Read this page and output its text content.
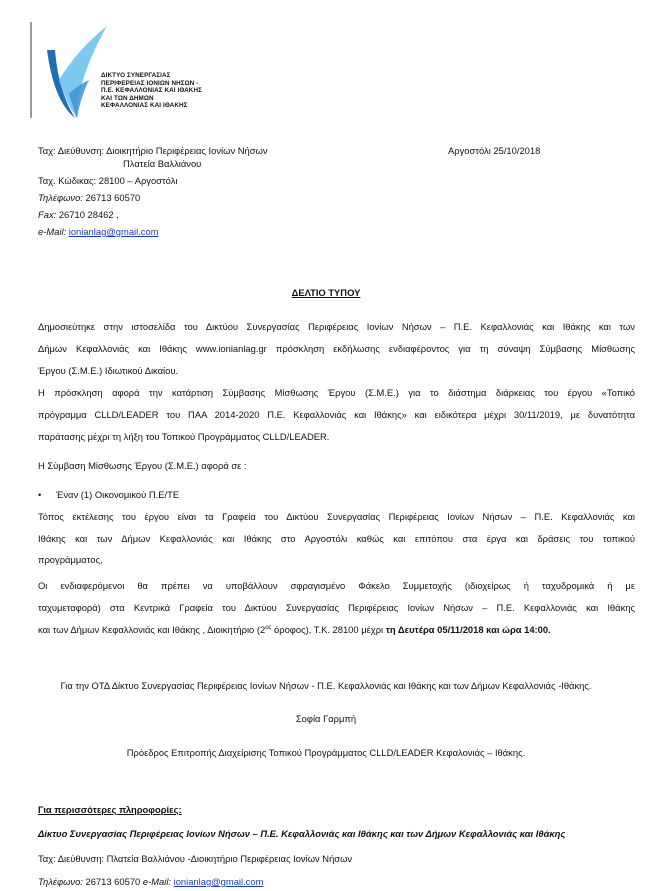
ΔΙΚΤΥΟ ΣΥΝΕΡΓΑΣΙΑΣ
ΠΕΡΙΦΕΡΕΙΑΣ ΙΟΝΙΩΝ ΝΗΣΩΝ -
Π.Ε. ΚΕΦΑΛΛΟΝΙΑΣ ΚΑΙ ΙΘΑΚΗΣ
ΚΑΙ ΤΩΝ ΔΗΜΩΝ
ΚΕΦΑΛΛΟΝΙΑΣ ΚΑΙ ΙΘΑΚΗΣ
Ταχ: Διεύθυνση: Διοικητήριο Περιφέρειας Ιονίων Νήσων
Πλατεία Βαλλιάνου
Αργοστόλι 25/10/2018
Ταχ. Κώδικας: 28100 – Αργοστόλι
Τηλέφωνο: 26713 60570
Fax: 26710 28462 ,
e-Mail: ionianlag@gmail.com
ΔΕΛΤΙΟ ΤΥΠΟΥ
Δημοσιεύτηκε στην ιστοσελίδα του Δικτύου Συνεργασίας Περιφέρειας Ιονίων Νήσων – Π.Ε. Κεφαλλονιάς και Ιθάκης και των
Δήμων Κεφαλλονιάς και Ιθάκης www.ionianlag.gr πρόσκληση εκδήλωσης ενδιαφέροντος για τη σύναψη Σύμβασης Μίσθωσης
Έργου (Σ.Μ.Ε.) Ιδιωτικού Δικαίου.
Η πρόσκληση αφορά την κατάρτιση Σύμβασης Μίσθωσης Έργου (Σ.Μ.Ε.) για το διάστημα διάρκειας του έργου «Τοπικό
πρόγραμμα CLLD/LEADER του ΠΑΑ 2014-2020 Π.Ε. Κεφαλλονιάς και Ιθάκης» και ειδικότερα μέχρι 30/11/2019, με δυνατότητα
παράτασης μέχρι τη λήξη του Τοπικού Προγράμματος CLLD/LEADER.
Η Σύμβαση Μίσθωσης Έργου (Σ.Μ.Ε.) αφορά σε :
• Έναν (1) Οικονομικού Π.Ε/ΤΕ
Τόπος εκτέλεσης του έργου είναι τα Γραφεία του Δικτύου Συνεργασίας Περιφέρειας Ιονίων Νήσων – Π.Ε. Κεφαλλονιάς και
Ιθάκης και των Δήμων Κεφαλλονιάς και Ιθάκης στο Αργοστόλι καθώς και επιτόπου στα έργα και δράσεις του τοπικού
προγράμματος,
Οι ενδιαφερόμενοι θα πρέπει να υποβάλλουν σφραγισμένο Φάκελο Συμμετοχής (ιδιοχείρως ή ταχυδρομικά ή με
ταχυμεταφορά) στα Κεντρικά Γραφεία του Δικτύου Συνεργασίας Περιφέρειας Ιονίων Νήσων – Π.Ε. Κεφαλλονιάς και Ιθάκης
και των Δήμων Κεφαλλονιάς και Ιθάκης , Διοικητήριο ($2^{o\varsigma}$ όροφος), Τ.Κ. 28100 μέχρι τη Δευτέρα 05/11/2018 και ώρα 14:00.
Για την ΟΤΔ Δίκτυο Συνεργασίας Περιφέρειας Ιονίων Νήσων - Π.Ε. Κεφαλλονιάς και Ιθάκης και των Δήμων Κεφαλλονιάς -Ιθάκης.
Σοφία Γαρμπή
Πρόεδρος Επιτροπής Διαχείρισης Τοπικού Προγράμματος CLLD/LEADER Κεφαλονιάς – Ιθάκης.
Για περισσότερες πληροφορίες:
Δίκτυο Συνεργασίας Περιφέρειας Ιονίων Νήσων – Π.Ε. Κεφαλλονιάς και Ιθάκης και των Δήμων Κεφαλλονιάς και Ιθάκης
Ταχ: Διεύθυνση: Πλατεία Βαλλιάνου -Διοικητήριο Περιφέρειας Ιονίων Νήσων
Τηλέφωνο: 26713 60570 e-Mail: ionianlag@gmail.com
